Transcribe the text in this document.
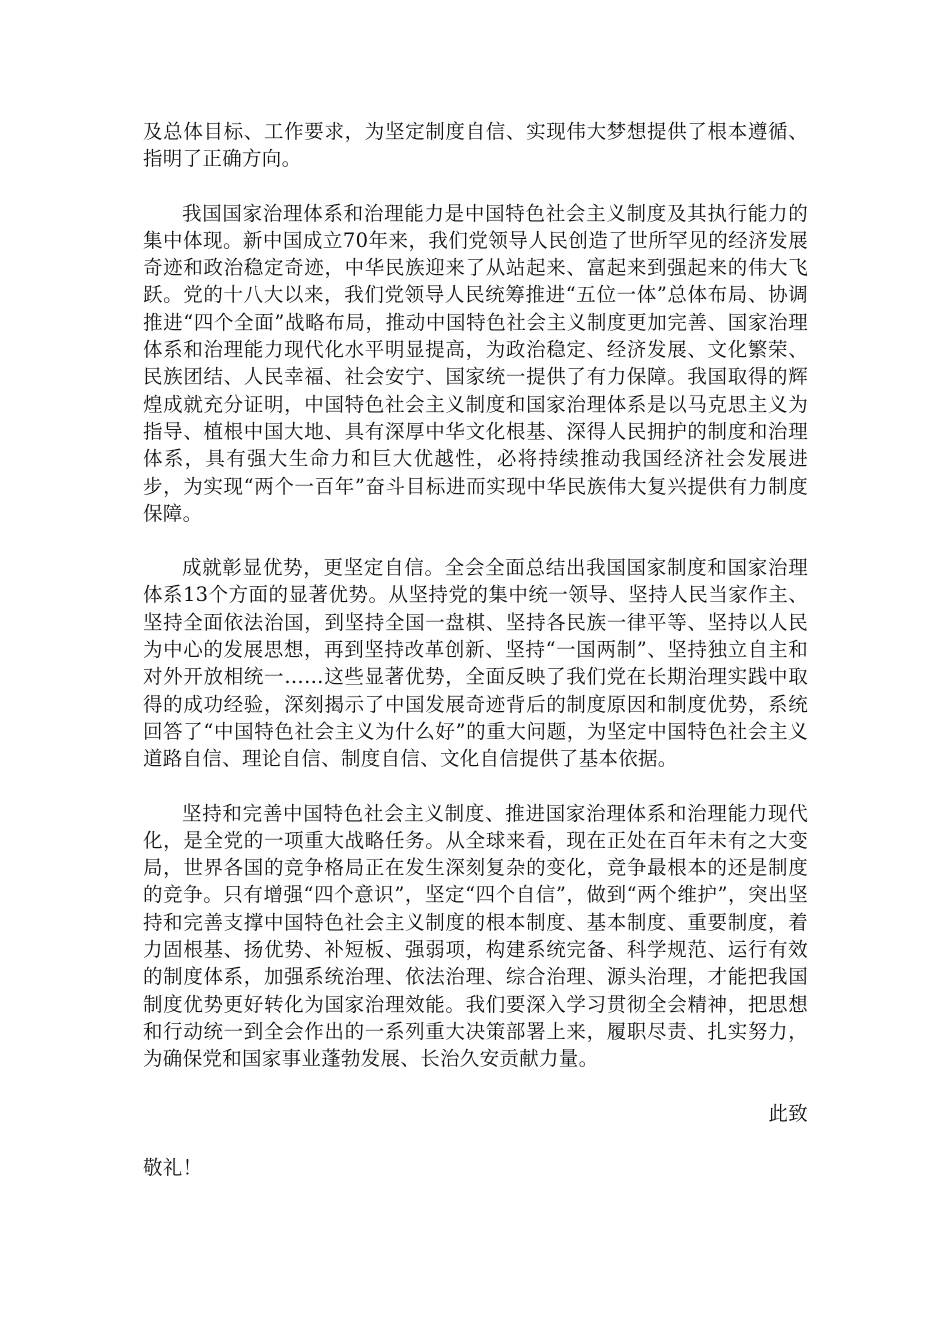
及总体目标、工作要求，为坚定制度自信、实现伟大梦想提供了根本遵循、指明了正确方向。

我国国家治理体系和治理能力是中国特色社会主义制度及其执行能力的集中体现。新中国成立70年来，我们党领导人民创造了世所罕见的经济发展奇迹和政治稳定奇迹，中华民族迎来了从站起来、富起来到强起来的伟大飞跃。党的十八大以来，我们党领导人民统筹推进“五位一体”总体布局、协调推进“四个全面”战略布局，推动中国特色社会主义制度更加完善、国家治理体系和治理能力现代化水平明显提高，为政治稳定、经济发展、文化繁荣、民族团结、人民幸福、社会安宁、国家统一提供了有力保障。我国取得的辉煌成就充分证明，中国特色社会主义制度和国家治理体系是以马克思主义为指导、植根中国大地、具有深厚中华文化根基、深得人民拥护的制度和治理体系，具有强大生命力和巨大优越性，必将持续推动我国经济社会发展进步，为实现“两个一百年”奋斗目标进而实现中华民族伟大复兴提供有力制度保障。

成就彰显优势，更坚定自信。全会全面总结出我国国家制度和国家治理体系13个方面的显著优势。从坚持党的集中统一领导、坚持人民当家作主、坚持全面依法治国，到坚持全国一盘棋、坚持各民族一律平等、坚持以人民为中心的发展思想，再到坚持改革创新、坚持“一国两制”、坚持独立自主和对外开放相统一……这些显著优势，全面反映了我们党在长期治理实践中取得的成功经验，深刻揭示了中国发展奇迹背后的制度原因和制度优势，系统回答了“中国特色社会主义为什么好”的重大问题，为坚定中国特色社会主义道路自信、理论自信、制度自信、文化自信提供了基本依据。

坚持和完善中国特色社会主义制度、推进国家治理体系和治理能力现代化，是全党的一项重大战略任务。从全球来看，现在正处在百年未有之大变局，世界各国的竞争格局正在发生深刻复杂的变化，竞争最根本的还是制度的竞争。只有增强“四个意识”，坚定“四个自信”，做到“两个维护”，突出坚持和完善支撑中国特色社会主义制度的根本制度、基本制度、重要制度，着力固根基、扬优势、补短板、强弱项，构建系统完备、科学规范、运行有效的制度体系，加强系统治理、依法治理、综合治理、源头治理，才能把我国制度优势更好转化为国家治理效能。我们要深入学习贯彻全会精神，把思想和行动统一到全会作出的一系列重大决策部署上来，履职尽责、扎实努力，为确保党和国家事业蓬勃发展、长治久安贡献力量。

此致

敬礼！
